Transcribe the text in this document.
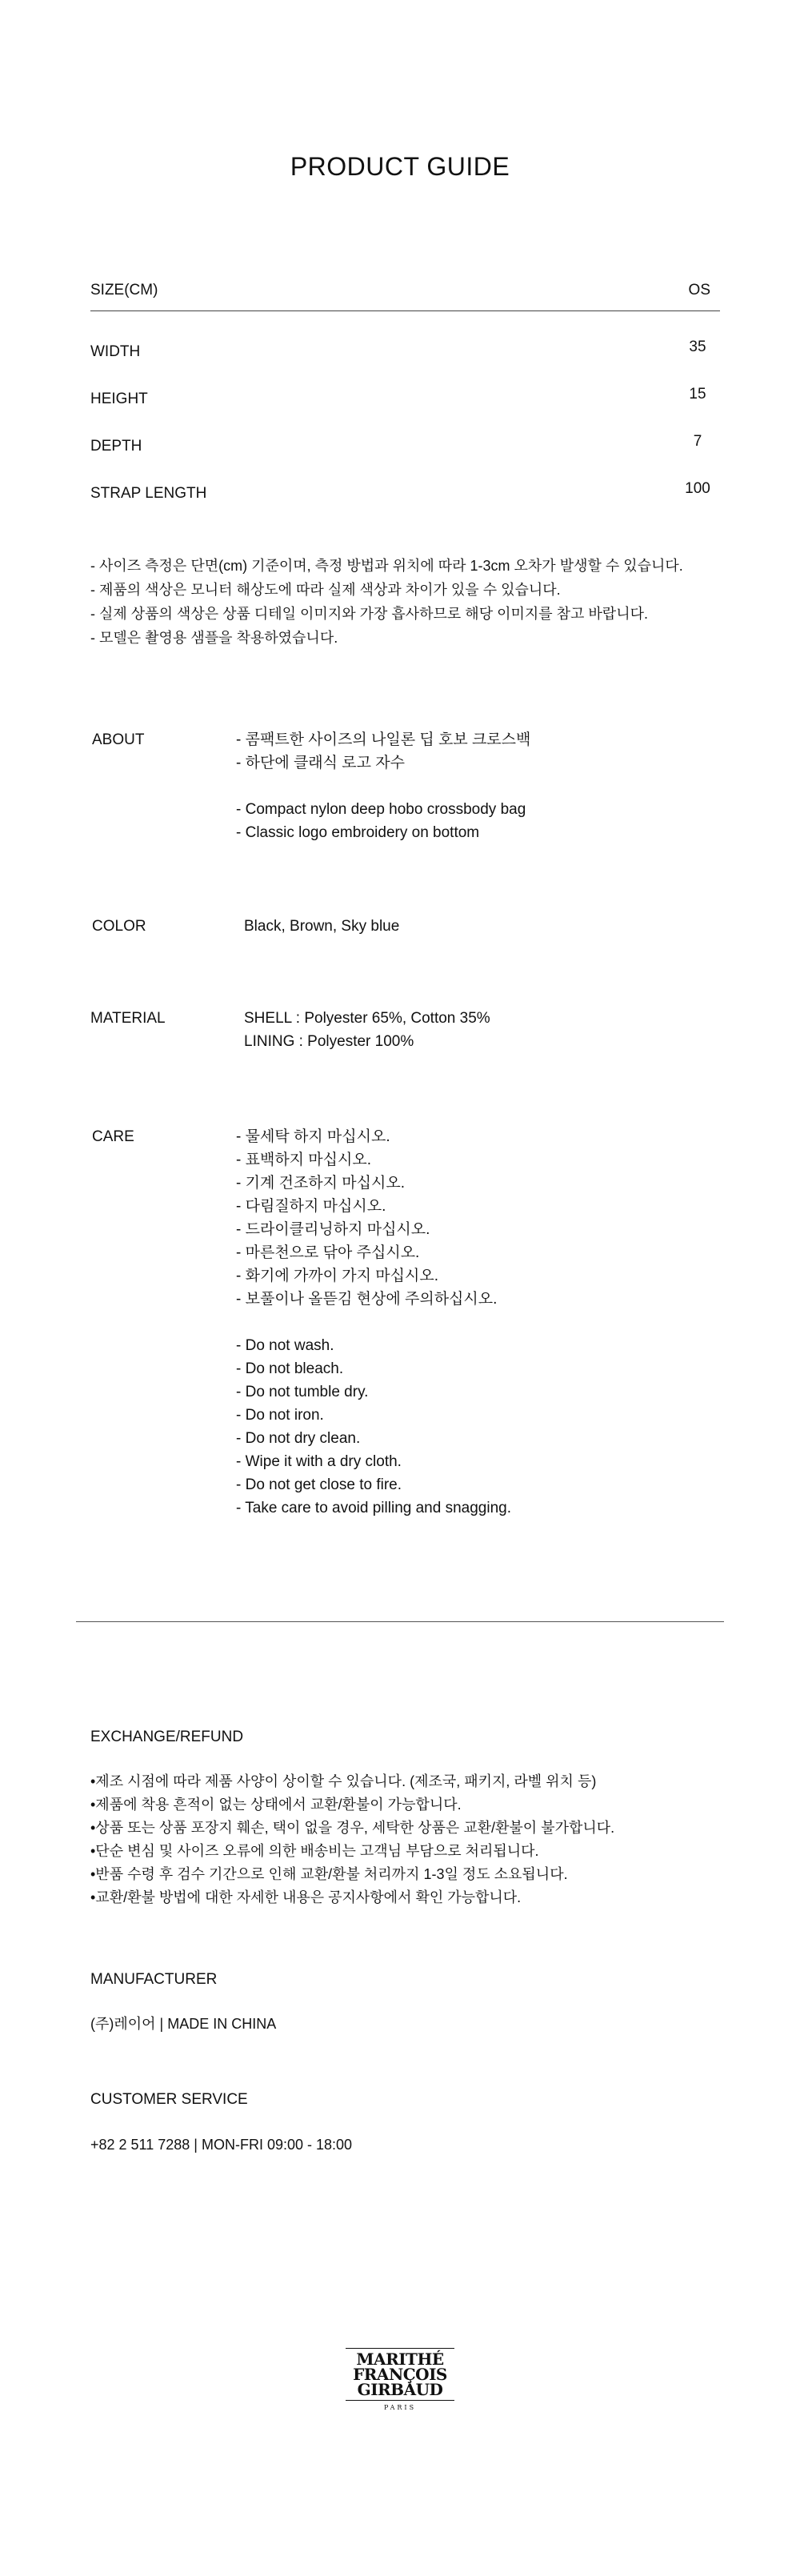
PRODUCT GUIDE
SIZE(CM)	OS
WIDTH	35
HEIGHT	15
DEPTH	7
STRAP LENGTH	100
- 사이즈 측정은 단면(cm) 기준이며, 측정 방법과 위치에 따라 1-3cm 오차가 발생할 수 있습니다.
- 제품의 색상은 모니터 해상도에 따라 실제 색상과 차이가 있을 수 있습니다.
- 실제 상품의 색상은 상품 디테일 이미지와 가장 흡사하므로 해당 이미지를 참고 바랍니다.
- 모델은 촬영용 샘플을 착용하였습니다.
ABOUT	- 콤팩트한 사이즈의 나일론 딥 호보 크로스백
- 하단에 클래식 로고 자수
- Compact nylon deep hobo crossbody bag
- Classic logo embroidery on bottom
COLOR	Black, Brown, Sky blue
MATERIAL	SHELL : Polyester 65%, Cotton 35%
LINING : Polyester 100%
CARE	- 물세탁 하지 마십시오.
- 표백하지 마십시오.
- 기계 건조하지 마십시오.
- 다림질하지 마십시오.
- 드라이클리닝하지 마십시오.
- 마른천으로 닦아 주십시오.
- 화기에 가까이 가지 마십시오.
- 보풀이나 올뜯김 현상에 주의하십시오.
- Do not wash.
- Do not bleach.
- Do not tumble dry.
- Do not iron.
- Do not dry clean.
- Wipe it with a dry cloth.
- Do not get close to fire.
- Take care to avoid pilling and snagging.
EXCHANGE/REFUND
•제조 시점에 따라 제품 사양이 상이할 수 있습니다. (제조국, 패키지, 라벨 위치 등)
•제품에 착용 흔적이 없는 상태에서 교환/환불이 가능합니다.
•상품 또는 상품 포장지 훼손, 택이 없을 경우, 세탁한 상품은 교환/환불이 불가합니다.
•단순 변심 및 사이즈 오류에 의한 배송비는 고객님 부담으로 처리됩니다.
•반품 수령 후 검수 기간으로 인해 교환/환불 처리까지 1-3일 정도 소요됩니다.
•교환/환불 방법에 대한 자세한 내용은 공지사항에서 확인 가능합니다.
MANUFACTURER
(주)레이어 | MADE IN CHINA
CUSTOMER SERVICE
+82 2 511 7288 | MON-FRI 09:00 - 18:00
MARITHÉ
FRANÇOIS
GIRBAUD
PARIS
